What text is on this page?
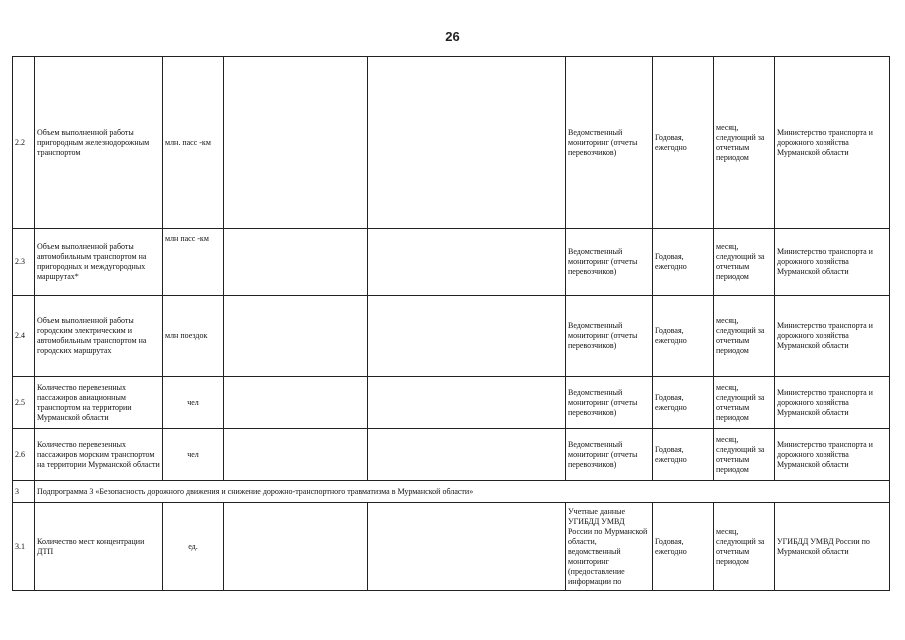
26
2.2	Объем выполненной работы пригородным железнодорожным транспортом	млн. пасс -км			Ведомственный мониторинг (отчеты перевозчиков)	Годовая, ежегодно	месяц, следующий за отчетным периодом	Министерство транспорта и дорожного хозяйства Мурманской области
2.3	Объем выполненной работы автомобильным транспортом на пригородных и междугородных маршрутах*	млн пасс -км			Ведомственный мониторинг (отчеты перевозчиков)	Годовая, ежегодно	месяц, следующий за отчетным периодом	Министерство транспорта и дорожного хозяйства Мурманской области
2.4	Объем выполненной работы городским электрическим и автомобильным транспортом на городских маршрутах	млн поездок			Ведомственный мониторинг (отчеты перевозчиков)	Годовая, ежегодно	месяц, следующий за отчетным периодом	Министерство транспорта и дорожного хозяйства Мурманской области
2.5	Количество перевезенных пассажиров авиационным транспортом на территории Мурманской области	чел			Ведомственный мониторинг (отчеты перевозчиков)	Годовая, ежегодно	месяц, следующий за отчетным периодом	Министерство транспорта и дорожного хозяйства Мурманской области
2.6	Количество перевезенных пассажиров морским транспортом на территории Мурманской области	чел			Ведомственный мониторинг (отчеты перевозчиков)	Годовая, ежегодно	месяц, следующий за отчетным периодом	Министерство транспорта и дорожного хозяйства Мурманской области
3	Подпрограмма 3 «Безопасность дорожного движения и снижение дорожно-транспортного травматизма в Мурманской области»							
3.1	Количество мест концентрации ДТП	ед.			Учетные данные УГИБДД УМВД России по Мурманской области, ведомственный мониторинг (предоставление информации по	Годовая, ежегодно	месяц, следующий за отчетным периодом	УГИБДД УМВД России по Мурманской области
